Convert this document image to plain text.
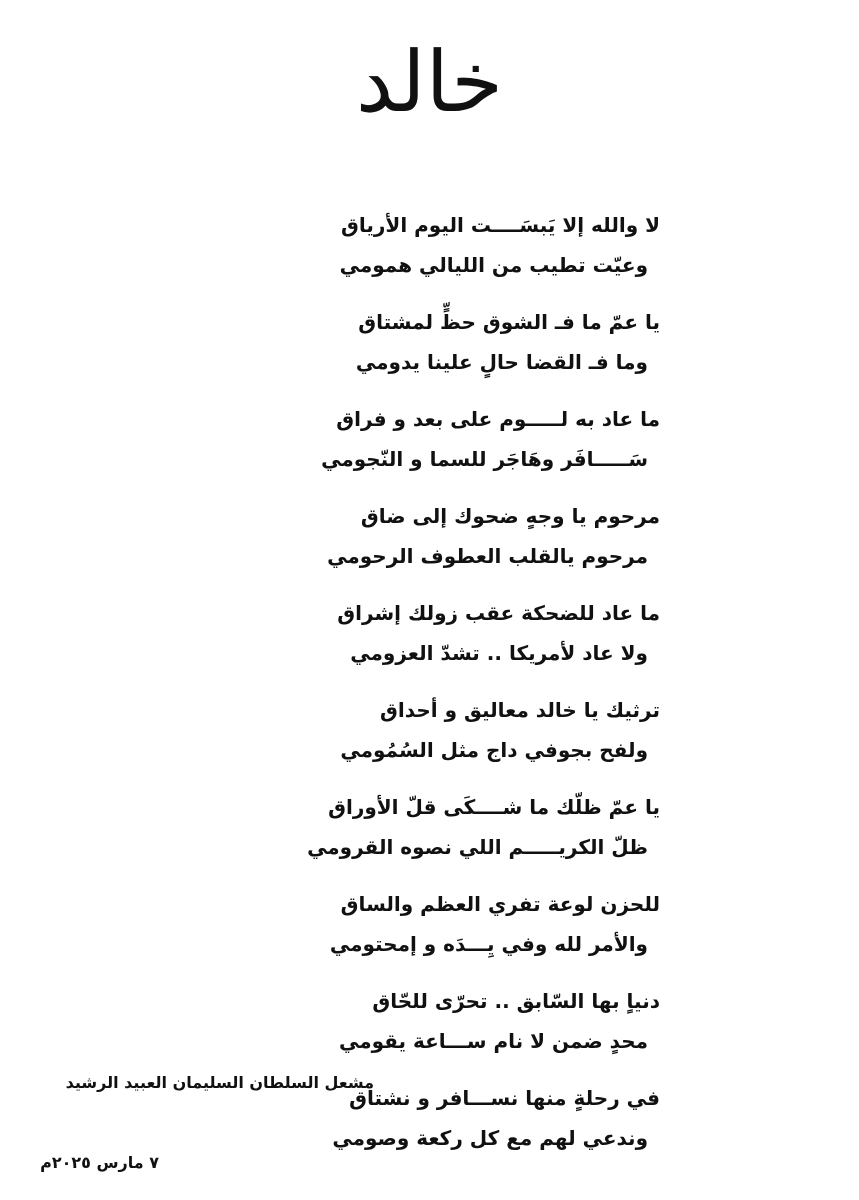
خالد
لا والله إلا يَبسَــــت اليوم الأرياق
وعيّت تطيب من الليالي همومي
يا عمّ ما فـ الشوق حظٍّ لمشتاق
وما فـ القضا حالٍ علينا يدومي
ما عاد به لـــــوم على بعد و فراق
سَـــــافَر وهَاجَر للسما و النّجومي
مرحوم يا وجهٍ ضحوك إلى ضاق
مرحوم يالقلب العطوف الرحومي
ما عاد للضحكة عقب زولك إشراق
ولا عاد لأمريكا .. تشدّ العزومي
ترثيك يا خالد معاليق و أحداق
ولفح بجوفي داج مثل السُمُومي
يا عمّ ظلّك ما شــــكَى قلّ الأوراق
ظلّ الكريـــــم اللي نصوه القرومي
للحزن لوعة تفري العظم والساق
والأمر لله وفي يِـــدَه و إمحتومي
دنياٍ بها السّابق .. تحرّى للحّاق
محدٍ ضمن لا نام ســـاعة يقومي
في رحلةٍ منها نســـافر و نشتاق
وندعي لهم مع كل ركعة وصومي
مشعل السلطان السليمان العبيد الرشيد
٧ مارس ٢٠٢٥م
